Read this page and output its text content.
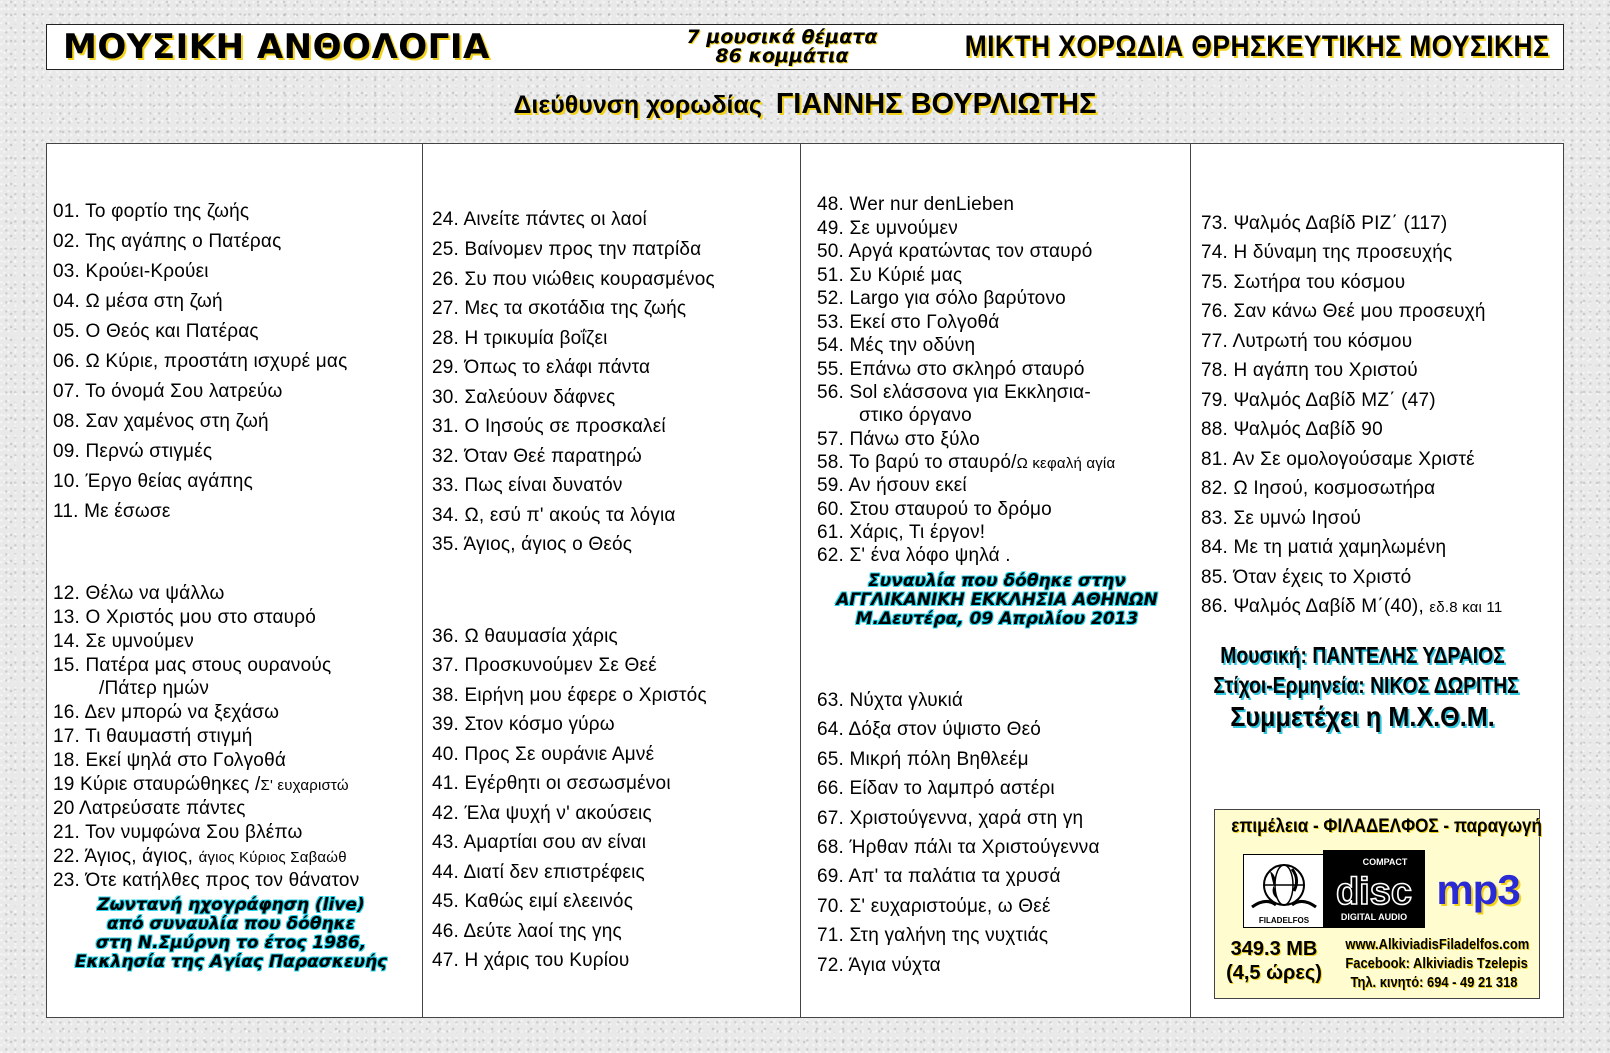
ΜΟΥΣΙΚΗ ΑΝΘΟΛΟΓΙΑ	7 μουσικά θέματα
86 κομμάτια	ΜΙΚΤΗ ΧΟΡΩΔΙΑ ΘΡΗΣΚΕΥΤΙΚΗΣ ΜΟΥΣΙΚΗΣ
Διεύθυνση χορωδίας ΓΙΑΝΝΗΣ ΒΟΥΡΛΙΩΤΗΣ
01. Το φορτίο της ζωής
02. Της αγάπης ο Πατέρας
03. Κρούει-Κρούει
04. Ω μέσα στη ζωή
05. Ο Θεός και Πατέρας
06. Ω Κύριε, προστάτη ισχυρέ μας
07. Το όνομά Σου λατρεύω
08. Σαν χαμένος στη ζωή
09. Περνώ στιγμές
10. Έργο θείας αγάπης
11. Με έσωσε
12. Θέλω να ψάλλω
13. Ο Χριστός μου στο σταυρό
14. Σε υμνούμεν
15. Πατέρα μας στους ουρανούς
/Πάτερ ημών
16. Δεν μπορώ να ξεχάσω
17. Τι θαυμαστή στιγμή
18. Εκεί ψηλά στο Γολγοθά
19 Κύριε σταυρώθηκες /Σ' ευχαριστώ
20 Λατρεύσατε πάντες
21. Τον νυμφώνα Σου βλέπω
22. Άγιος, άγιος, άγιος Κύριος Σαβαώθ
23. Ότε κατήλθες προς τον θάνατον
Ζωντανή ηχογράφηση (live)
από συναυλία που δόθηκε
στη Ν.Σμύρνη το έτος 1986,
Εκκλησία της Αγίας Παρασκευής
24. Αινείτε πάντες οι λαοί
25. Βαίνομεν προς την πατρίδα
26. Συ που νιώθεις κουρασμένος
27. Μες τα σκοτάδια της ζωής
28. Η τρικυμία βοΐζει
29. Όπως το ελάφι πάντα
30. Σαλεύουν δάφνες
31. Ο Ιησούς σε προσκαλεί
32. Όταν Θεέ παρατηρώ
33. Πως είναι δυνατόν
34. Ω, εσύ π' ακούς τα λόγια
35. Άγιος, άγιος ο Θεός
36. Ω θαυμασία χάρις
37. Προσκυνούμεν Σε Θεέ
38. Ειρήνη μου έφερε ο Χριστός
39. Στον κόσμο γύρω
40. Προς Σε ουράνιε Αμνέ
41. Εγέρθητι οι σεσωσμένοι
42. Έλα ψυχή ν' ακούσεις
43. Αμαρτίαι σου αν είναι
44. Διατί δεν επιστρέφεις
45. Καθώς ειμί ελεεινός
46. Δεύτε λαοί της γης
47. Η χάρις του Κυρίου
48. Wer nur denLieben
49. Σε υμνούμεν
50. Αργά κρατώντας τον σταυρό
51. Συ Κύριέ μας
52. Largo για σόλο βαρύτονο
53. Εκεί στο Γολγοθά
54. Μές την οδύνη
55. Επάνω στο σκληρό σταυρό
56. Sol ελάσσονα για Εκκλησια-
στικο όργανο
57. Πάνω στο ξύλο
58. Το βαρύ το σταυρό/Ω κεφαλή αγία
59. Αν ήσουν εκεί
60. Στου σταυρού το δρόμο
61. Χάρις, Τι έργον!
62. Σ' ένα λόφο ψηλά .
Συναυλία που δόθηκε στην
ΑΓΓΛΙΚΑΝΙΚΗ ΕΚΚΛΗΣΙΑ ΑΘΗΝΩΝ
Μ.Δευτέρα, 09 Απριλίου 2013
63. Νύχτα γλυκιά
64. Δόξα στον ύψιστο Θεό
65. Μικρή πόλη Βηθλεέμ
66. Είδαν το λαμπρό αστέρι
67. Χριστούγεννα, χαρά στη γη
68. Ήρθαν πάλι τα Χριστούγεννα
69. Απ' τα παλάτια τα χρυσά
70. Σ' ευχαριστούμε, ω Θεέ
71. Στη γαλήνη της νυχτιάς
72. Άγια νύχτα
73. Ψαλμός Δαβίδ ΡΙΖ΄ (117)
74. Η δύναμη της προσευχής
75. Σωτήρα του κόσμου
76. Σαν κάνω Θεέ μου προσευχή
77. Λυτρωτή του κόσμου
78. Η αγάπη του Χριστού
79. Ψαλμός Δαβίδ ΜΖ΄ (47)
88. Ψαλμός Δαβίδ 90
81. Αν Σε ομολογούσαμε Χριστέ
82. Ω Ιησού, κοσμοσωτήρα
83. Σε υμνώ Ιησού
84. Με τη ματιά χαμηλωμένη
85. Όταν έχεις το Χριστό
86. Ψαλμός Δαβίδ Μ΄(40), εδ.8 και 11
Μουσική: ΠΑΝΤΕΛΗΣ ΥΔΡΑΙΟΣ
Στίχοι-Ερμηνεία: ΝΙΚΟΣ ΔΩΡΙΤΗΣ
Συμμετέχει η Μ.Χ.Θ.Μ.
επιμέλεια - ΦΙΛΑΔΕΛΦΟΣ - παραγωγή
FILADELFOS
COMPACT
disc
DIGITAL AUDIO
mp3
349.3 MB
(4,5 ώρες)
www.AlkiviadisFiladelfos.com
Facebook: Alkiviadis Tzelepis
Τηλ. κινητό: 694 - 49 21 318
